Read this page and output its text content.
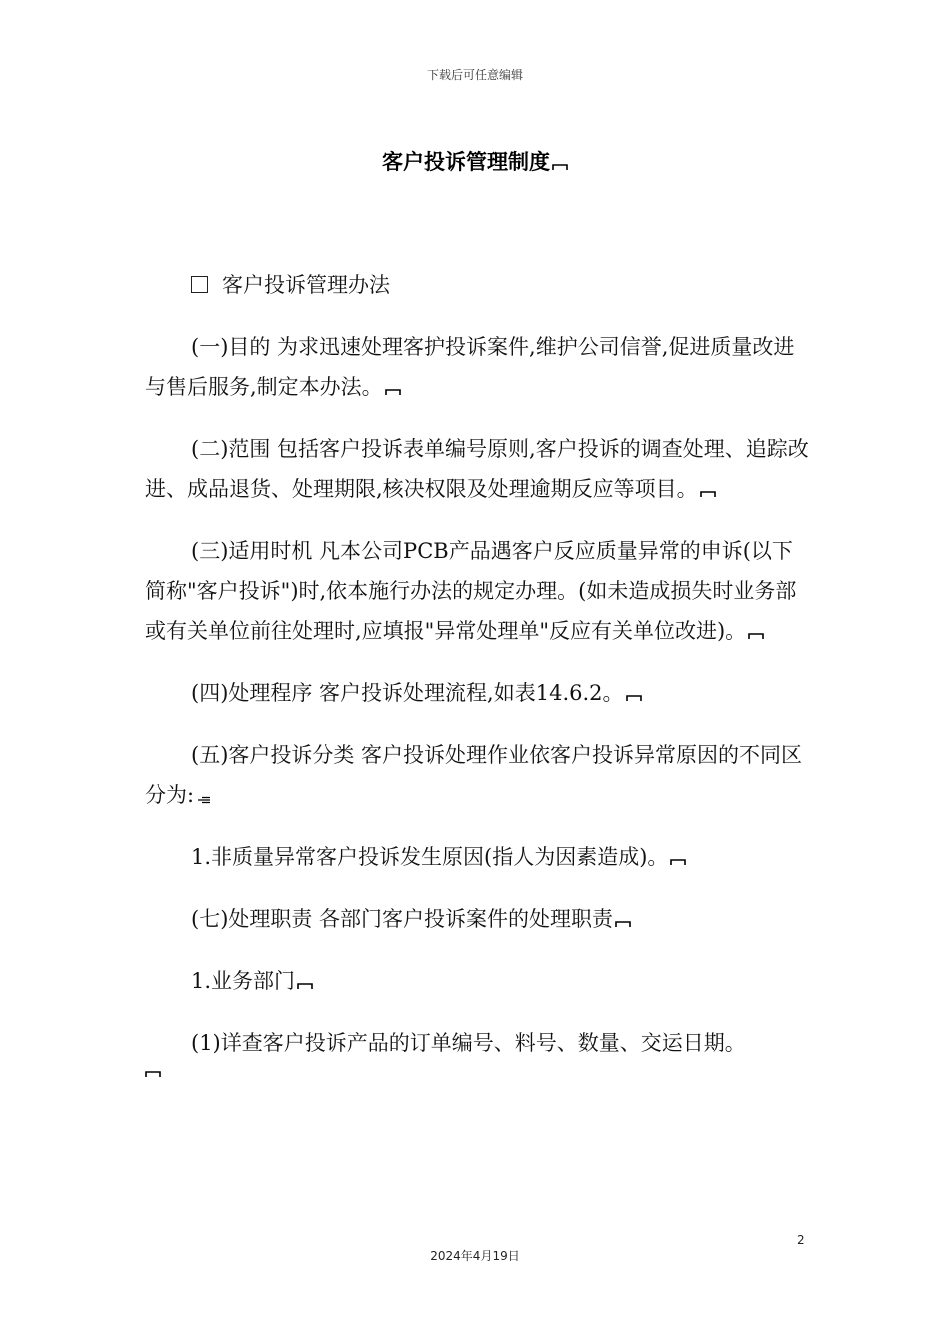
下载后可任意编辑
客户投诉管理制度

客户投诉管理办法

(一)目的 为求迅速处理客护投诉案件,维护公司信誉,促进质量改进与售后服务,制定本办法。

(二)范围 包括客户投诉表单编号原则,客户投诉的调查处理、追踪改进、成品退货、处理期限,核决权限及处理逾期反应等项目。

(三)适用时机 凡本公司PCB产品遇客户反应质量异常的申诉(以下简称"客户投诉")时,依本施行办法的规定办理。(如未造成损失时业务部或有关单位前往处理时,应填报"异常处理单"反应有关单位改进)。

(四)处理程序 客户投诉处理流程,如表14.6.2。

(五)客户投诉分类 客户投诉处理作业依客户投诉异常原因的不同区分为:

1.非质量异常客户投诉发生原因(指人为因素造成)。

(七)处理职责 各部门客户投诉案件的处理职责

1.业务部门

(1)详查客户投诉产品的订单编号、料号、数量、交运日期。

2
2024年4月19日
